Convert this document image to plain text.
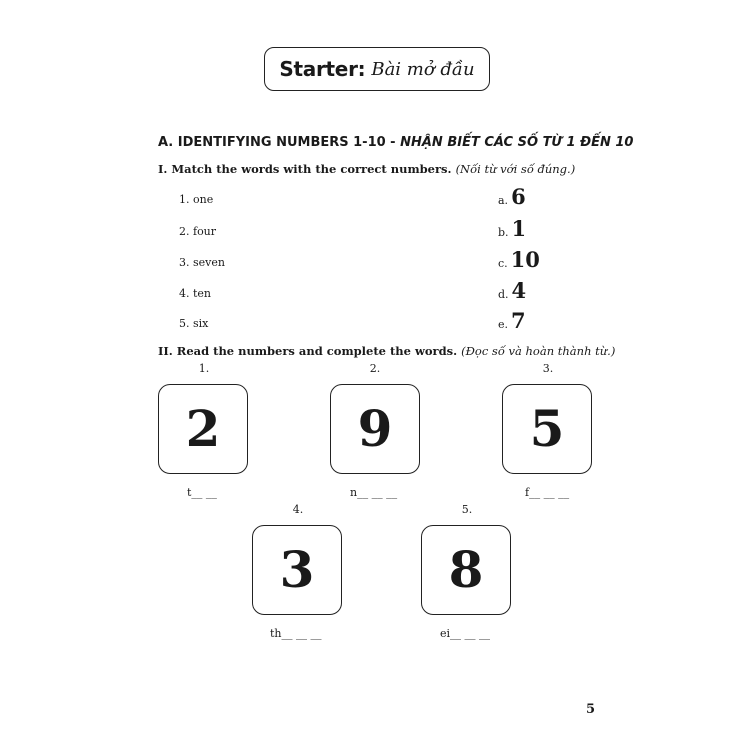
Starter: Bài mở đầu
A. IDENTIFYING NUMBERS 1-10 - NHẬN BIẾT CÁC SỐ TỪ 1 ĐẾN 10
I. Match the words with the correct numbers. (Nối từ với số đúng.)
1. one
2. four
3. seven
4. ten
5. six
a. 6
b. 1
c. 10
d. 4
e. 7
II. Read the numbers and complete the words. (Đọc số và hoàn thành từ.)
1.
2
t__ __
2.
9
n__ __ __
3.
5
f__ __ __
4.
3
th__ __ __
5.
8
ei__ __ __
5
